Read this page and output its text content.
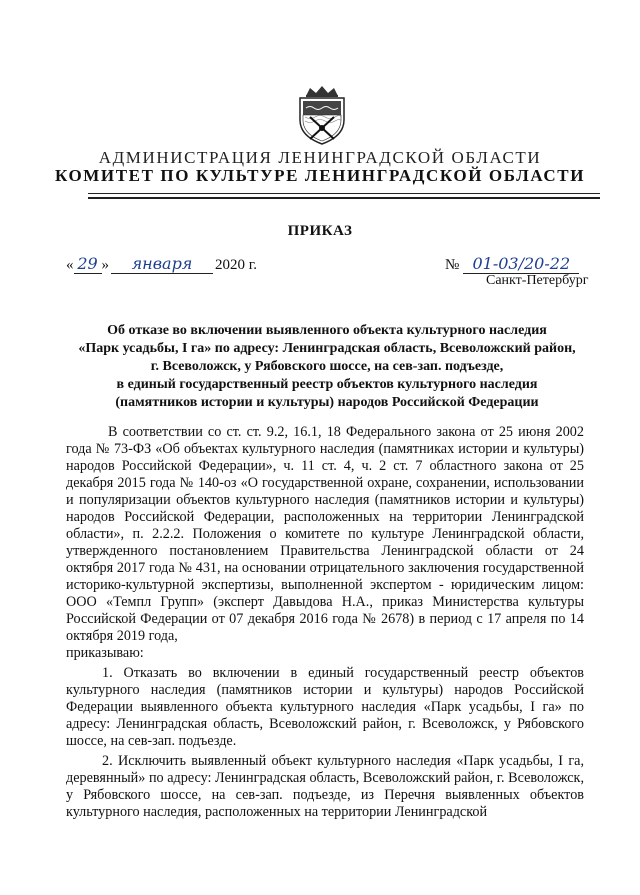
АДМИНИСТРАЦИЯ ЛЕНИНГРАДСКОЙ ОБЛАСТИ
КОМИТЕТ ПО КУЛЬТУРЕ ЛЕНИНГРАДСКОЙ ОБЛАСТИ
ПРИКАЗ
« 29 »	января	2020 г.	№ 01-03/20-22
Санкт-Петербург
Об отказе во включении выявленного объекта культурного наследия
«Парк усадьбы, I га» по адресу: Ленинградская область, Всеволожский район,
г. Всеволожск, у Рябовского шоссе, на сев-зап. подъезде,
в единый государственный реестр объектов культурного наследия
(памятников истории и культуры) народов Российской Федерации

В соответствии со ст. ст. 9.2, 16.1, 18 Федерального закона от 25 июня 2002 года № 73-ФЗ «Об объектах культурного наследия (памятниках истории и культуры) народов Российской Федерации», ч. 11 ст. 4, ч. 2 ст. 7 областного закона от 25 декабря 2015 года № 140-оз «О государственной охране, сохранении, использовании и популяризации объектов культурного наследия (памятников истории и культуры) народов Российской Федерации, расположенных на территории Ленинградской области», п. 2.2.2. Положения о комитете по культуре Ленинградской области, утвержденного постановлением Правительства Ленинградской области от 24 октября 2017 года № 431, на основании отрицательного заключения государственной историко-культурной экспертизы, выполненной экспертом - юридическим лицом: ООО «Темпл Групп» (эксперт Давыдова Н.А., приказ Министерства культуры Российской Федерации от 07 декабря 2016 года № 2678) в период с 17 апреля по 14 октября 2019 года,

приказываю:

1. Отказать во включении в единый государственный реестр объектов культурного наследия (памятников истории и культуры) народов Российской Федерации выявленного объекта культурного наследия «Парк усадьбы, I га» по адресу: Ленинградская область, Всеволожский район, г. Всеволожск, у Рябовского шоссе, на сев-зап. подъезде.

2. Исключить выявленный объект культурного наследия «Парк усадьбы, I га, деревянный» по адресу: Ленинградская область, Всеволожский район, г. Всеволожск, у Рябовского шоссе, на сев-зап. подъезде, из Перечня выявленных объектов культурного наследия, расположенных на территории Ленинградской
